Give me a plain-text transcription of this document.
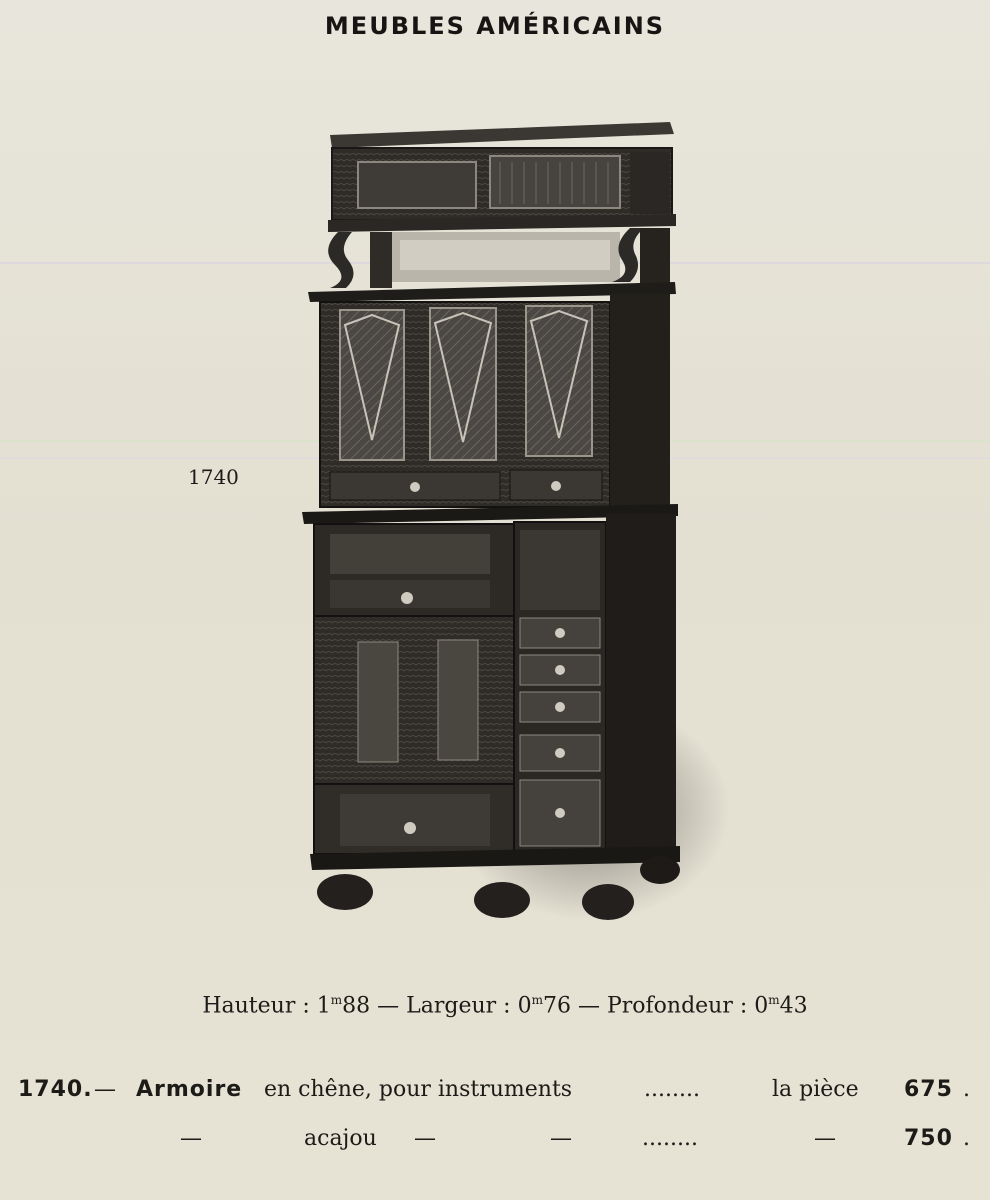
MEUBLES AMÉRICAINS
1740
Hauteur : 1$^m$88 — Largeur : 0$^m$76 — Profondeur : 0$^m$43
1740. — Armoire en chêne, pour instruments	........	la pièce 675 .
—	acajou —	—	........	—	750 .
